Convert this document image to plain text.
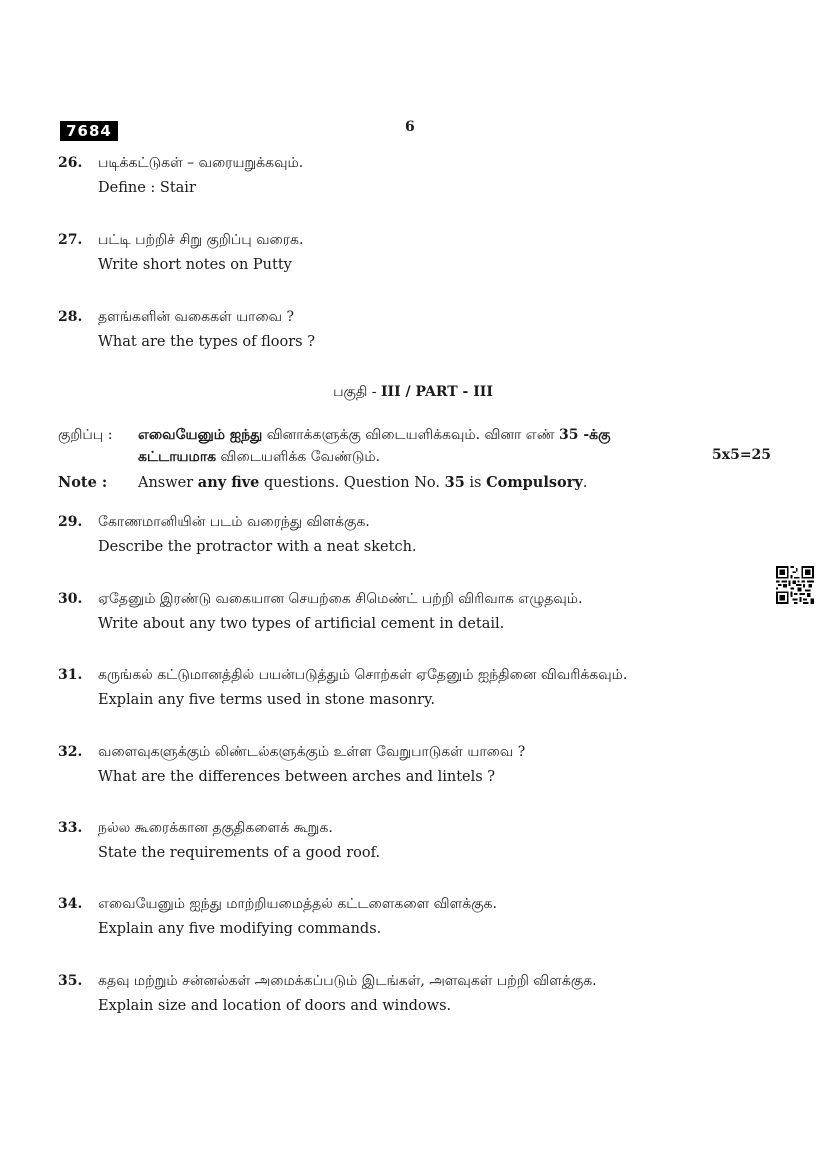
7684	6
26. படிக்கட்டுகள் – வரையறுக்கவும்.
Define : Stair
27. பட்டி பற்றிச் சிறு குறிப்பு வரைக.
Write short notes on Putty
28. தளங்களின் வகைகள் யாவை ?
What are the types of floors ?
பகுதி - III / PART - III
குறிப்பு : எவையேனும் ஐந்து வினாக்களுக்கு விடையளிக்கவும். வினா எண் 35 -க்கு
கட்டாயமாக விடையளிக்க வேண்டும்.	5x5=25
Note : Answer any five questions. Question No. 35 is Compulsory.
29. கோணமானியின் படம் வரைந்து விளக்குக.
Describe the protractor with a neat sketch.
30. ஏதேனும் இரண்டு வகையான செயற்கை சிமெண்ட் பற்றி விரிவாக எழுதவும்.
Write about any two types of artificial cement in detail.
31. கருங்கல் கட்டுமானத்தில் பயன்படுத்தும் சொற்கள் ஏதேனும் ஐந்தினை விவரிக்கவும்.
Explain any five terms used in stone masonry.
32. வளைவுகளுக்கும் லிண்டல்களுக்கும் உள்ள வேறுபாடுகள் யாவை ?
What are the differences between arches and lintels ?
33. நல்ல கூரைக்கான தகுதிகளைக் கூறுக.
State the requirements of a good roof.
34. எவையேனும் ஐந்து மாற்றியமைத்தல் கட்டளைகளை விளக்குக.
Explain any five modifying commands.
35. கதவு மற்றும் சன்னல்கள் அமைக்கப்படும் இடங்கள், அளவுகள் பற்றி விளக்குக.
Explain size and location of doors and windows.
